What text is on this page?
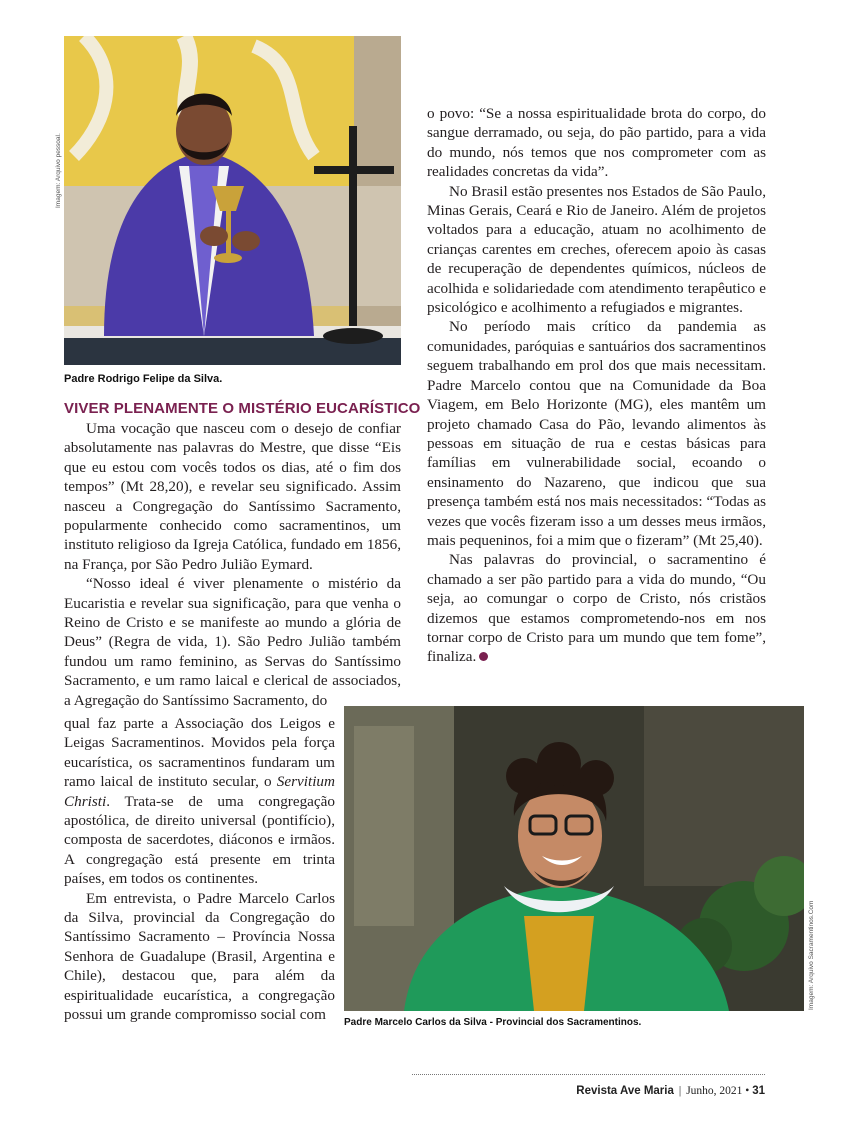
Imagem: Arquivo pessoal.
Padre Rodrigo Felipe da Silva.
VIVER PLENAMENTE O MISTÉRIO EUCARÍSTICO

Uma vocação que nasceu com o desejo de confiar absolutamente nas palavras do Mestre, que disse “Eis que eu estou com vocês todos os dias, até o fim dos tempos” (Mt 28,20), e revelar seu significado. Assim nasceu a Congregação do Santíssimo Sacramento, popularmente conhecido como sacramentinos, um instituto religioso da Igreja Católica, fundado em 1856, na França, por São Pedro Julião Eymard.

“Nosso ideal é viver plenamente o mistério da Eucaristia e revelar sua significação, para que venha o Reino de Cristo e se manifeste ao mundo a glória de Deus” (Regra de vida, 1). São Pedro Julião também fundou um ramo feminino, as Servas do Santíssimo Sacramento, e um ramo laical e clerical de associados, a Agregação do Santíssimo Sacramento, do

qual faz parte a Associação dos Leigos e Leigas Sacramentinos. Movidos pela força eucarística, os sacramentinos fundaram um ramo laical de instituto secular, o Servitium Christi. Trata-se de uma congregação apostólica, de direito universal (pontifício), composta de sacerdotes, diáconos e irmãos. A congregação está presente em trinta países, em todos os continentes.

Em entrevista, o Padre Marcelo Carlos da Silva, provincial da Congregação do Santíssimo Sacramento – Província Nossa Senhora de Guadalupe (Brasil, Argentina e Chile), destacou que, para além da espiritualidade eucarística, a congregação possui um grande compromisso social com

o povo: “Se a nossa espiritualidade brota do corpo, do sangue derramado, ou seja, do pão partido, para a vida do mundo, nós temos que nos comprometer com as realidades concretas da vida”.

No Brasil estão presentes nos Estados de São Paulo, Minas Gerais, Ceará e Rio de Janeiro. Além de projetos voltados para a educação, atuam no acolhimento de crianças carentes em creches, oferecem apoio às casas de recuperação de dependentes químicos, núcleos de acolhida e solidariedade com atendimento terapêutico e psicológico e acolhimento a refugiados e migrantes.

No período mais crítico da pandemia as comunidades, paróquias e santuários dos sacramentinos seguem trabalhando em prol dos que mais necessitam. Padre Marcelo contou que na Comunidade da Boa Viagem, em Belo Horizonte (MG), eles mantêm um projeto chamado Casa do Pão, levando alimentos às pessoas em situação de rua e cestas básicas para famílias em vulnerabilidade social, ecoando o ensinamento do Nazareno, que indicou que sua presença também está nos mais necessitados: “Todas as vezes que vocês fizeram isso a um desses meus irmãos, mais pequeninos, foi a mim que o fizeram” (Mt 25,40).

Nas palavras do provincial, o sacramentino é chamado a ser pão partido para a vida do mundo, “Ou seja, ao comungar o corpo de Cristo, nós cristãos dizemos que estamos comprometendo-nos em nos tornar corpo de Cristo para um mundo que tem fome”, finaliza.

Imagem: Arquivo Sacramentinos.Com
Padre Marcelo Carlos da Silva - Provincial dos Sacramentinos.
Revista Ave Maria | Junho, 2021 • 31
